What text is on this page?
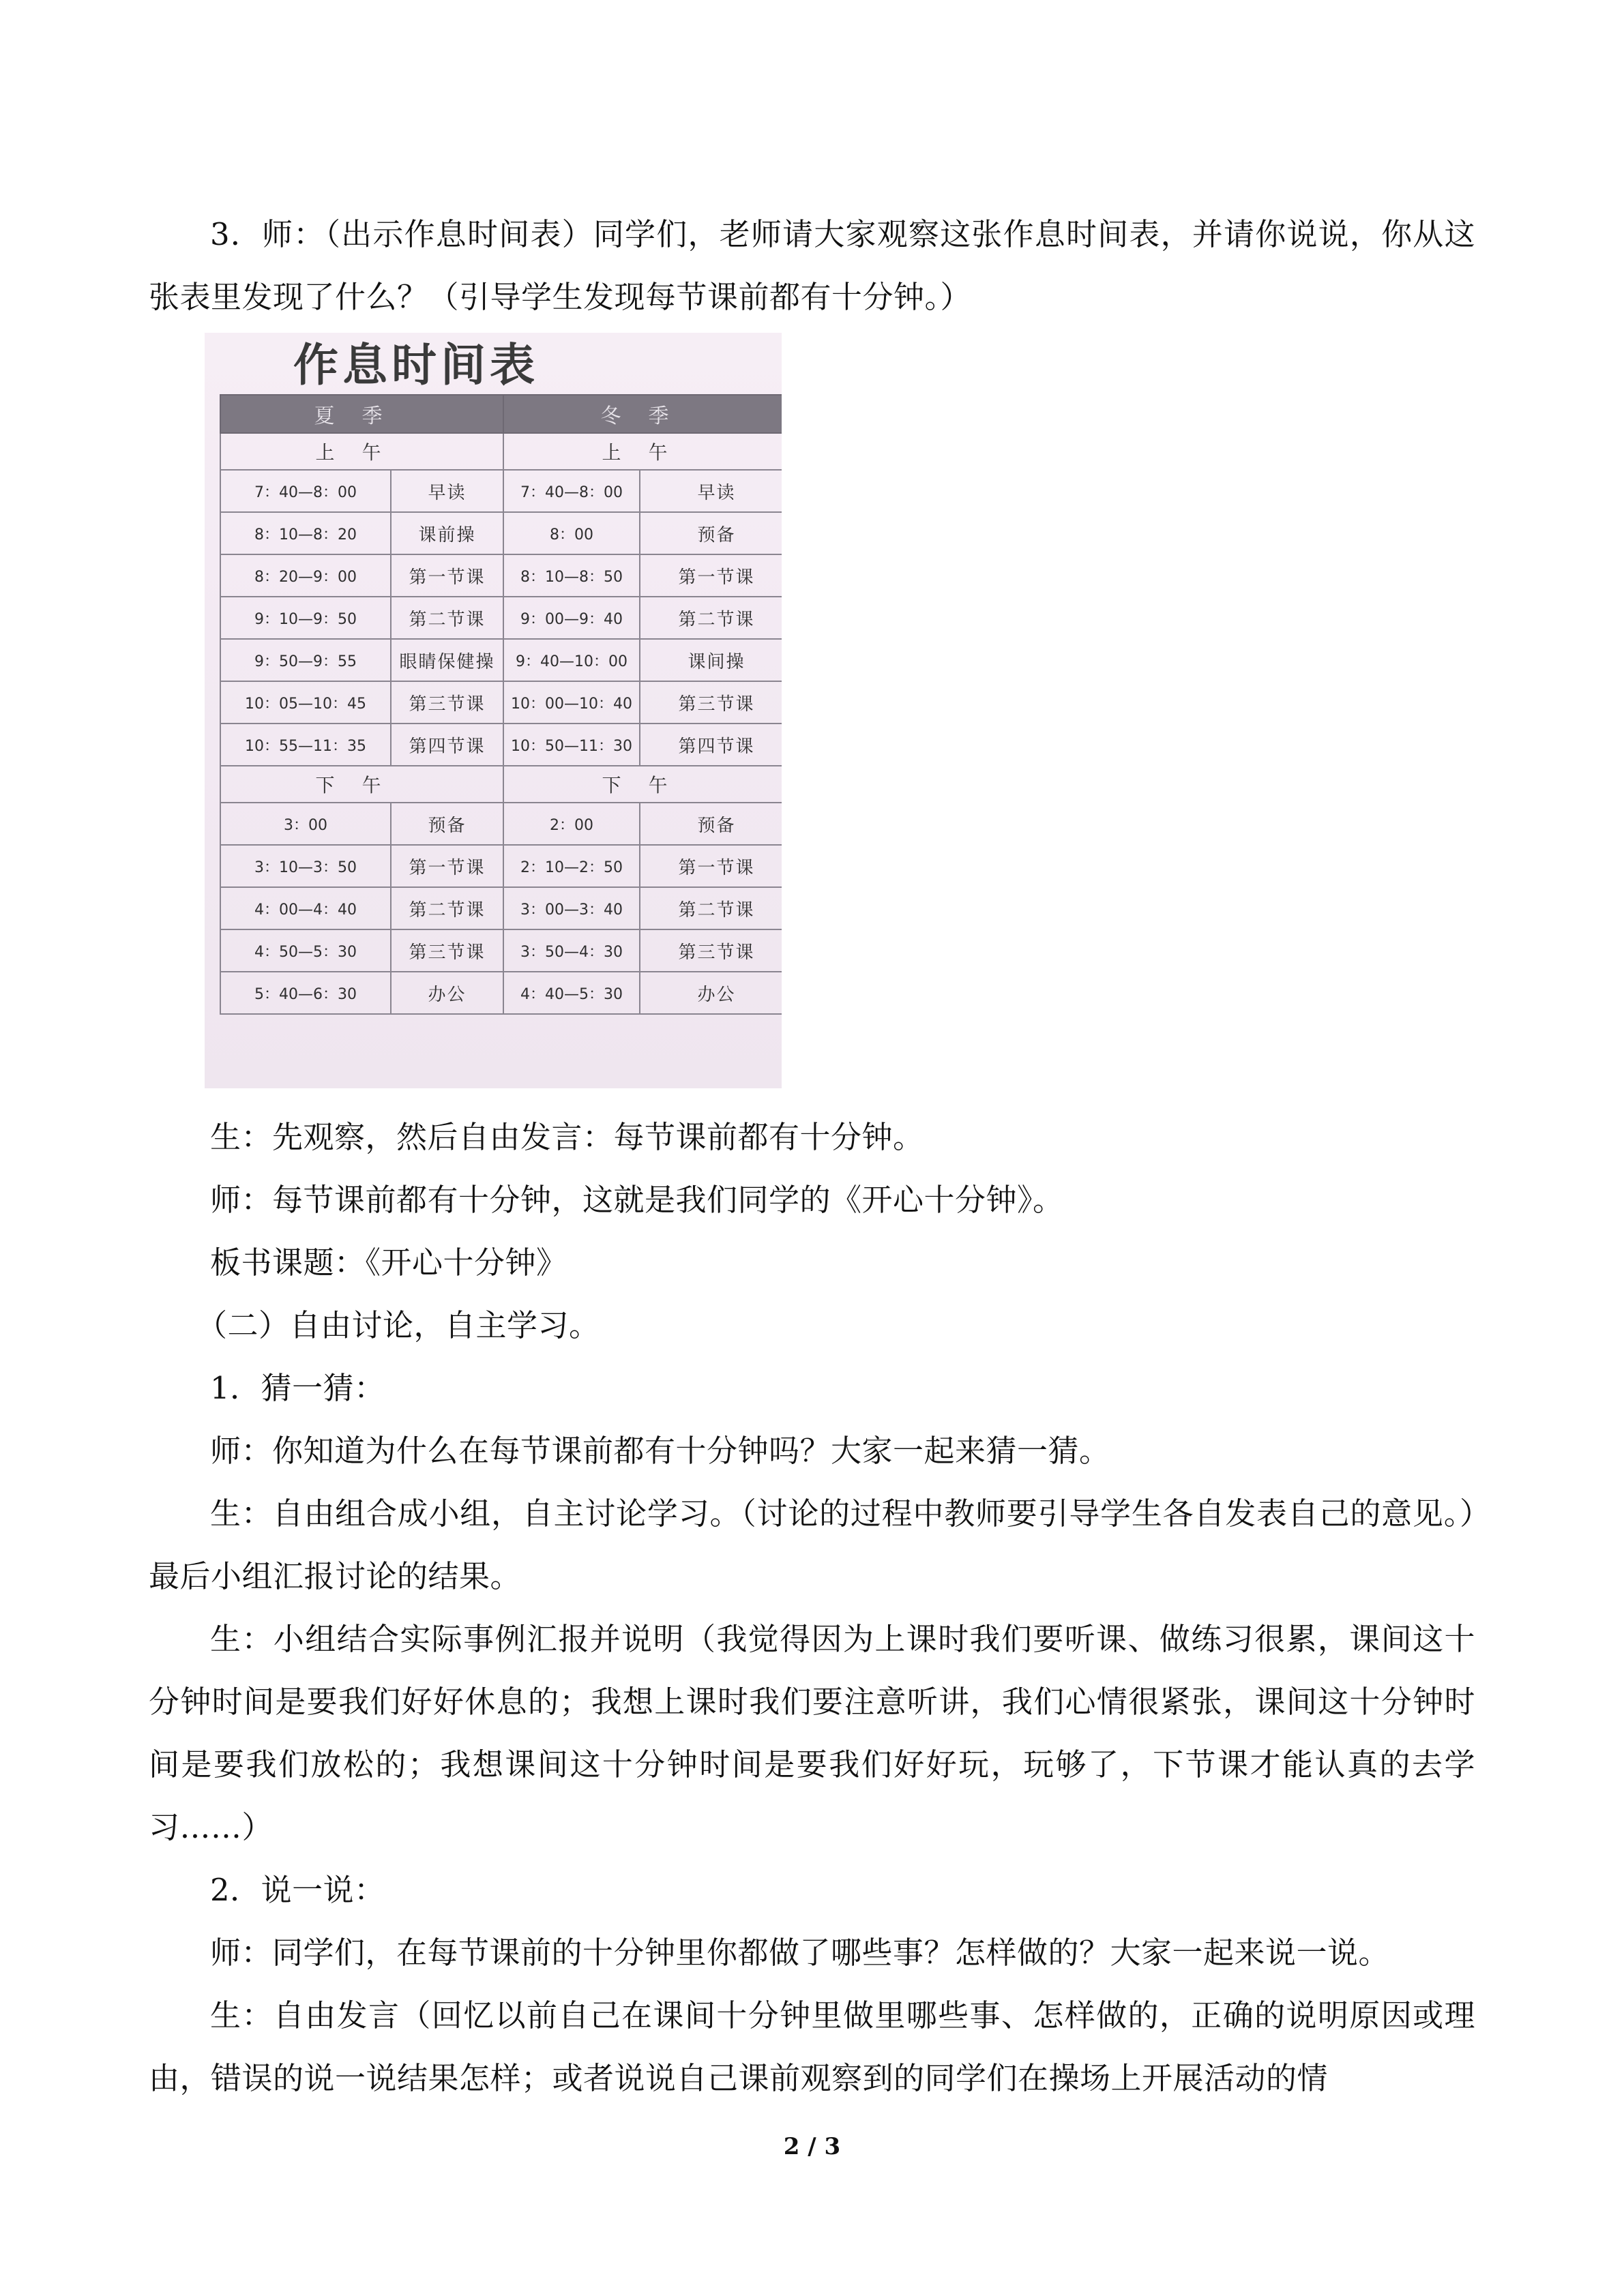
3．师：（出示作息时间表）同学们，老师请大家观察这张作息时间表，并请你说说，你从这张表里发现了什么？（引导学生发现每节课前都有十分钟。）

作息时间表
夏季		冬季	
上午		上午	
7：40—8：00	早读	7：40—8：00	早读
8：10—8：20	课前操	8：00	预备
8：20—9：00	第一节课	8：10—8：50	第一节课
9：10—9：50	第二节课	9：00—9：40	第二节课
9：50—9：55	眼睛保健操	9：40—10：00	课间操
10：05—10：45	第三节课	10：00—10：40	第三节课
10：55—11：35	第四节课	10：50—11：30	第四节课
下午		下午	
3：00	预备	2：00	预备
3：10—3：50	第一节课	2：10—2：50	第一节课
4：00—4：40	第二节课	3：00—3：40	第二节课
4：50—5：30	第三节课	3：50—4：30	第三节课
5：40—6：30	办公	4：40—5：30	办公

生：先观察，然后自由发言：每节课前都有十分钟。

师：每节课前都有十分钟，这就是我们同学的《开心十分钟》。

板书课题：《开心十分钟》

（二）自由讨论，自主学习。

1．猜一猜：

师：你知道为什么在每节课前都有十分钟吗？大家一起来猜一猜。

生：自由组合成小组，自主讨论学习。（讨论的过程中教师要引导学生各自发表自己的意见。）最后小组汇报讨论的结果。

生：小组结合实际事例汇报并说明（我觉得因为上课时我们要听课、做练习很累，课间这十分钟时间是要我们好好休息的；我想上课时我们要注意听讲，我们心情很紧张，课间这十分钟时间是要我们放松的；我想课间这十分钟时间是要我们好好玩，玩够了，下节课才能认真的去学习……）

2．说一说：

师：同学们，在每节课前的十分钟里你都做了哪些事？怎样做的？大家一起来说一说。

生：自由发言（回忆以前自己在课间十分钟里做里哪些事、怎样做的，正确的说明原因或理由，错误的说一说结果怎样；或者说说自己课前观察到的同学们在操场上开展活动的情

2 / 3
